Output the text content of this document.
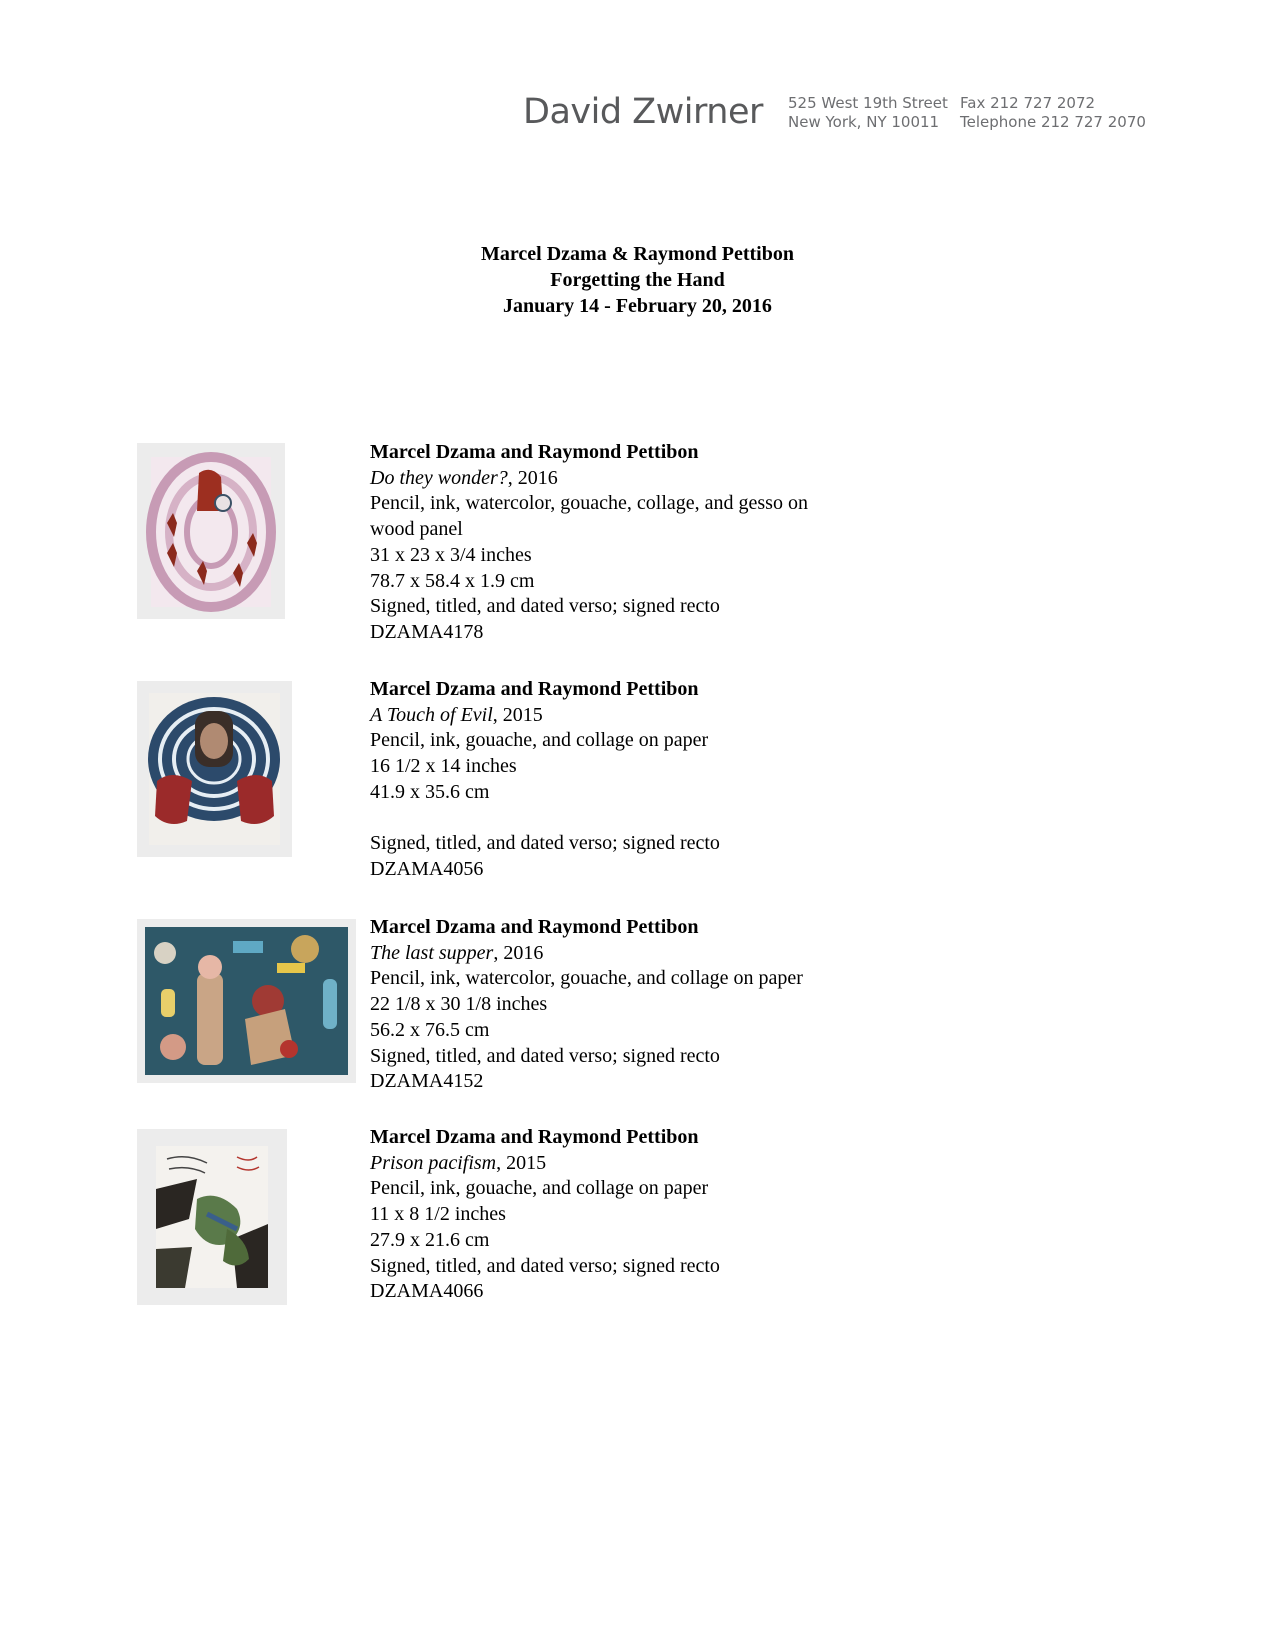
David Zwirner 525 West 19th Street
New York, NY 10011
Fax 212 727 2072
Telephone 212 727 2070
Marcel Dzama & Raymond Pettibon
Forgetting the Hand
January 14 - February 20, 2016
Marcel Dzama and Raymond Pettibon
Do they wonder?, 2016
Pencil, ink, watercolor, gouache, collage, and gesso on
wood panel
31 x 23 x 3/4 inches
78.7 x 58.4 x 1.9 cm
Signed, titled, and dated verso; signed recto
DZAMA4178
Marcel Dzama and Raymond Pettibon
A Touch of Evil, 2015
Pencil, ink, gouache, and collage on paper
16 1/2 x 14 inches
41.9 x 35.6 cm
Signed, titled, and dated verso; signed recto
DZAMA4056
Marcel Dzama and Raymond Pettibon
The last supper, 2016
Pencil, ink, watercolor, gouache, and collage on paper
22 1/8 x 30 1/8 inches
56.2 x 76.5 cm
Signed, titled, and dated verso; signed recto
DZAMA4152
Marcel Dzama and Raymond Pettibon
Prison pacifism, 2015
Pencil, ink, gouache, and collage on paper
11 x 8 1/2 inches
27.9 x 21.6 cm
Signed, titled, and dated verso; signed recto
DZAMA4066
